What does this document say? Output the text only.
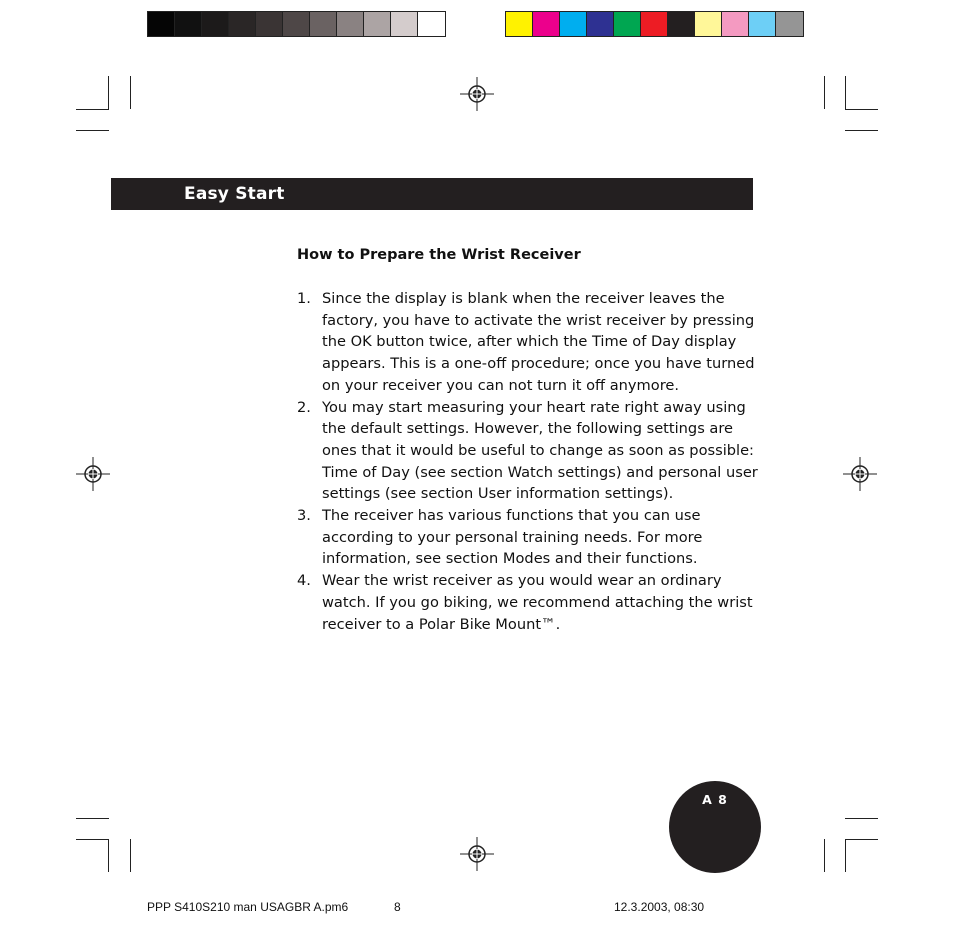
Easy Start
How to Prepare the Wrist Receiver
1. Since the display is blank when the receiver leaves the factory, you have to activate the wrist receiver by pressing the OK button twice, after which the Time of Day display appears. This is a one-off procedure; once you have turned on your receiver you can not turn it off anymore.
2. You may start measuring your heart rate right away using the default settings. However, the following settings are ones that it would be useful to change as soon as possible: Time of Day (see section Watch settings) and personal user settings (see section User information settings).
3. The receiver has various functions that you can use according to your personal training needs. For more information, see section Modes and their functions.
4. Wear the wrist receiver as you would wear an ordinary watch. If you go biking, we recommend attaching the wrist receiver to a Polar Bike Mount™.
A 8
PPP S410S210 man USAGBR A.pm6	8	12.3.2003, 08:30
